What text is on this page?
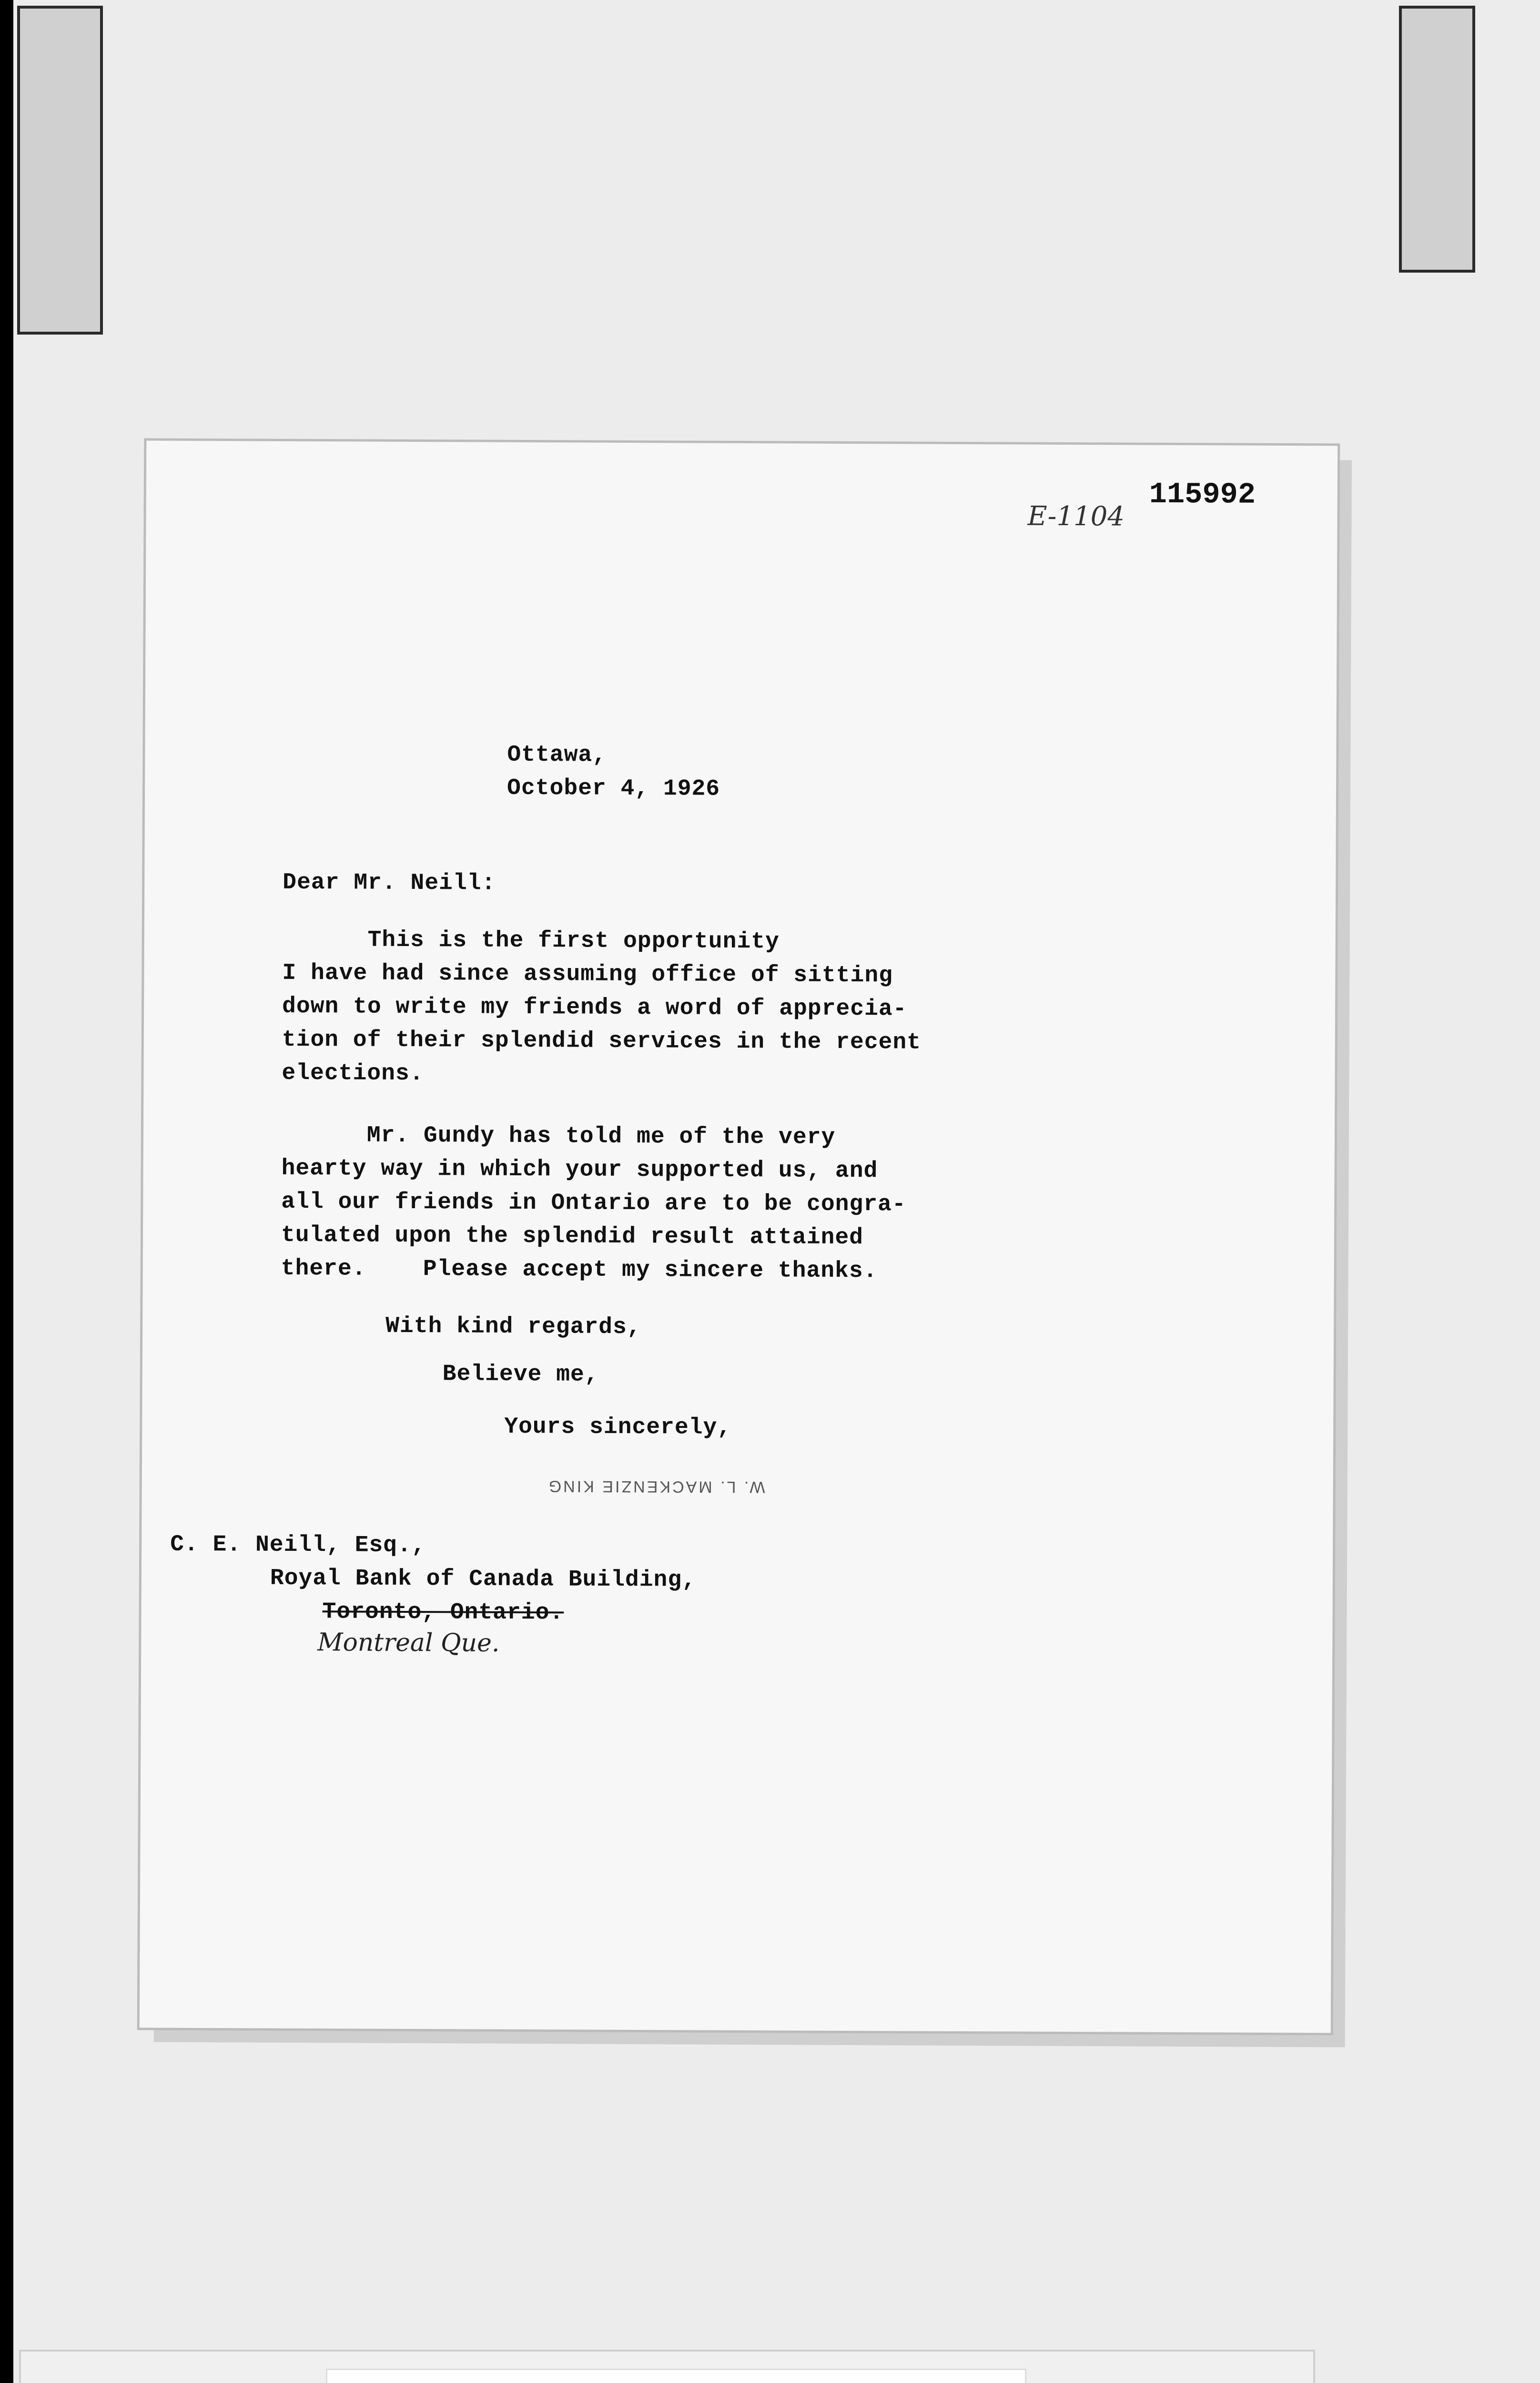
115992
E-1104
Ottawa,
October 4, 1926
Dear Mr. Neill:
This is the first opportunity
I have had since assuming office of sitting
down to write my friends a word of apprecia-
tion of their splendid services in the recent
elections.
Mr. Gundy has told me of the very
hearty way in which your supported us, and
all our friends in Ontario are to be congra-
tulated upon the splendid result attained
there.    Please accept my sincere thanks.
With kind regards,
Believe me,
Yours sincerely,
W. L. MACKENZIE KING
C. E. Neill, Esq.,
Royal Bank of Canada Building,
Toronto, Ontario.
Montreal Que.
